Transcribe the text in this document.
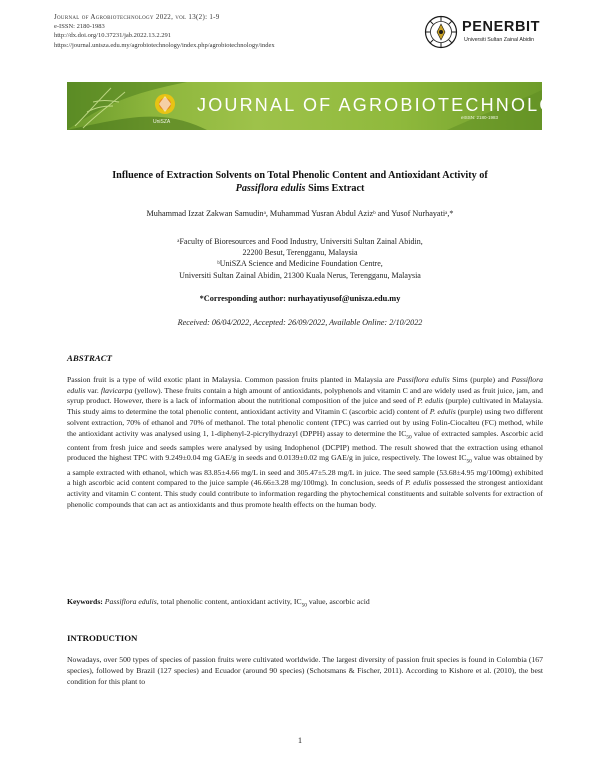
Journal of Agrobiotechnology 2022, vol 13(2): 1-9
e-ISSN: 2180-1983
http://dx.doi.org/10.37231/jab.2022.13.2.291
https://journal.unisza.edu.my/agrobiotechnology/index.php/agrobiotechnology/index
PENERBIT
Universiti Sultan Zainal Abidin
JOURNAL OF AGROBIOTECHNOLOGY
eISSN: 2180-1983
UniSZA
Influence of Extraction Solvents on Total Phenolic Content and Antioxidant Activity of
Passiflora edulis Sims Extract
Muhammad Izzat Zakwan Samudinᵃ, Muhammad Yusran Abdul Azizᵇ and Yusof Nurhayatiᵃ,*
ᵃFaculty of Bioresources and Food Industry, Universiti Sultan Zainal Abidin,
22200 Besut, Terengganu, Malaysia
ᵇUniSZA Science and Medicine Foundation Centre,
Universiti Sultan Zainal Abidin, 21300 Kuala Nerus, Terengganu, Malaysia
*Corresponding author: nurhayatiyusof@unisza.edu.my
Received: 06/04/2022, Accepted: 26/09/2022, Available Online: 2/10/2022
ABSTRACT
Passion fruit is a type of wild exotic plant in Malaysia. Common passion fruits planted in Malaysia are Passiflora edulis Sims (purple) and Passiflora edulis var. flavicarpa (yellow). These fruits contain a high amount of antioxidants, polyphenols and vitamin C and are widely used as fruit juice, jam, and syrup product. However, there is a lack of information about the nutritional composition of the juice and seed of P. edulis (purple) cultivated in Malaysia. This study aims to determine the total phenolic content, antioxidant activity and Vitamin C (ascorbic acid) content of P. edulis (purple) using two different solvent extraction, 70% of ethanol and 70% of methanol. The total phenolic content (TPC) was carried out by using Folin-Ciocalteu (FC) method, while the antioxidant activity was analysed using 1, 1-diphenyl-2-picrylhydrazyl (DPPH) assay to determine the $IC_{50}$ value of extracted samples. Ascorbic acid content from fresh juice and seeds samples were analysed by using Indophenol (DCPIP) method. The result showed that the extraction using ethanol produced the highest TPC with 9.249±0.04 mg GAE/g in seeds and 0.0139±0.02 mg GAE/g in juice, respectively. The lowest $IC_{50}$ value was obtained by a sample extracted with ethanol, which was 83.85±4.66 mg/L in seed and 305.47±5.28 mg/L in juice. The seed sample (53.68±4.95 mg/100mg) exhibited a high ascorbic acid content compared to the juice sample (46.66±3.28 mg/100mg). In conclusion, seeds of P. edulis possessed the strongest antioxidant activity and vitamin C content. This study could contribute to information regarding the phytochemical constituents and suitable solvents for extraction of phenolic compounds that can act as antioxidants and thus promote health effects on the human body.
Keywords: Passiflora edulis, total phenolic content, antioxidant activity, $IC_{50}$ value, ascorbic acid
INTRODUCTION
Nowadays, over 500 types of species of passion fruits were cultivated worldwide. The largest diversity of passion fruit species is found in Colombia (167 species), followed by Brazil (127 species) and Ecuador (around 90 species) (Schotsmans & Fischer, 2011). According to Kishore et al. (2010), the best condition for this plant to
1
